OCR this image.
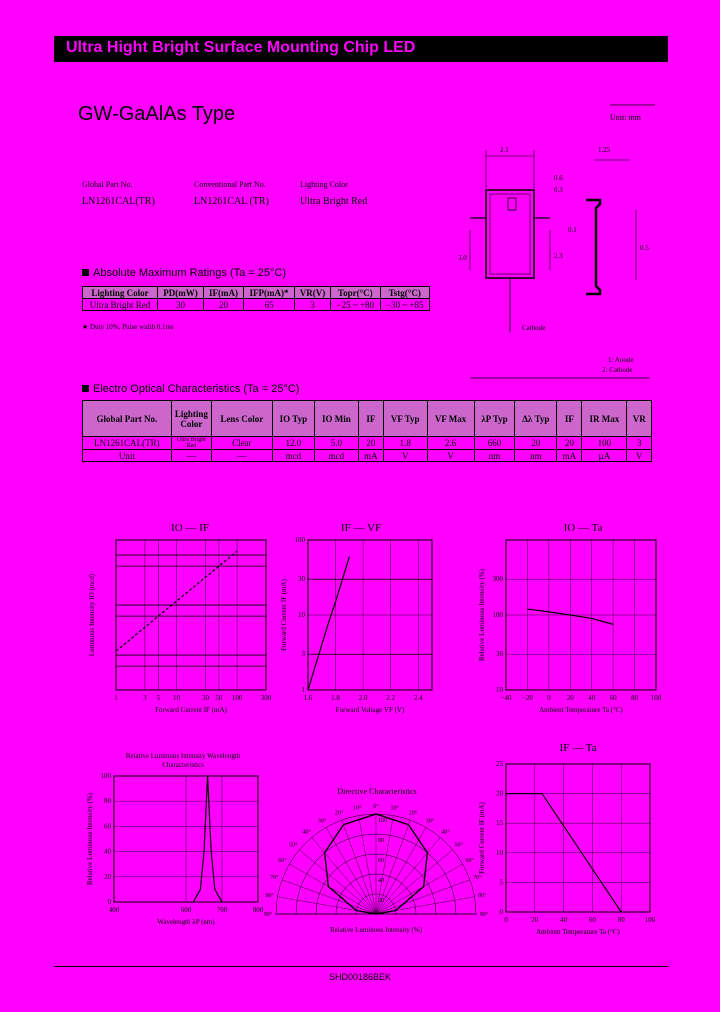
Ultra Hight Bright Surface Mounting Chip LED
GW-GaAlAs Type
Global Part No.	Conventional Part No.	Lighting Color
LN1261CAL(TR)	LN1261CAL (TR)	Ultra Bright Red
Absolute Maximum Ratings (Ta = 25°C)
Lighting Color	PD(mW)	IF(mA)	IFP(mA)*	VR(V)	Topr(°C)	Tstg(°C)
Ultra Bright Red	30	20	65	3	−25 ~ +80	−30 ~ +85
★ Duty 10%, Pulse width 0.1ms
Unit: mm
2.1	1.25
0.6
0.3
3.0	2.3
0.1
0.5
Cathode
1: Anode
2: Cathode
Electro Optical Characteristics (Ta = 25°C)
Global Part No.	Lighting Color	Lens Color	IO Typ	IO Min	IF	VF Typ	VF Max	λP Typ	Δλ Typ	IF	IR Max	VR
LN1261CAL(TR)	Ultra Bright Red	Clear	12.0	5.0	20	1.8	2.6	660	20	20	100	3
Unit	—	—	mcd	mcd	mA	V	V	nm	nm	mA	µA	V
IO — IF	IF — VF	IO — Ta
Relative Luminous Intensity Wavelength Characteristics
Directive Characteristics
IF — Ta
1	3 5 10	30 50 100	300
Forward Current IF (mA)
Luminous Intensity IO (mcd)
1.6	1.8	2.0	2.2	2.4
1
3
10
30
100
Forward Voltage VF (V)
Forward Current IF (mA)
−40 −20 0 20 40 60 80 100
10
30
100
300
Ambient Temperature Ta (°C)
Relative Luminous Intensity (%)
400	600	700	800
0
20
40
60
80
100
Wavelength λP (nm)
Relative Luminous Intensity (%)	0° 10°
10°
20°
20°
30°
30°
40°
40°
50°
50°
60°
60°
70°
70°
80°
80°
90°
90°
20
40
60
80
100
Relative Luminous Intensity (%)
0	20	40	60	80	100
0
5
10
15
20
25
Ambient Temperature Ta (°C)
Forward Current IF (mA)
SHD00186BEK
